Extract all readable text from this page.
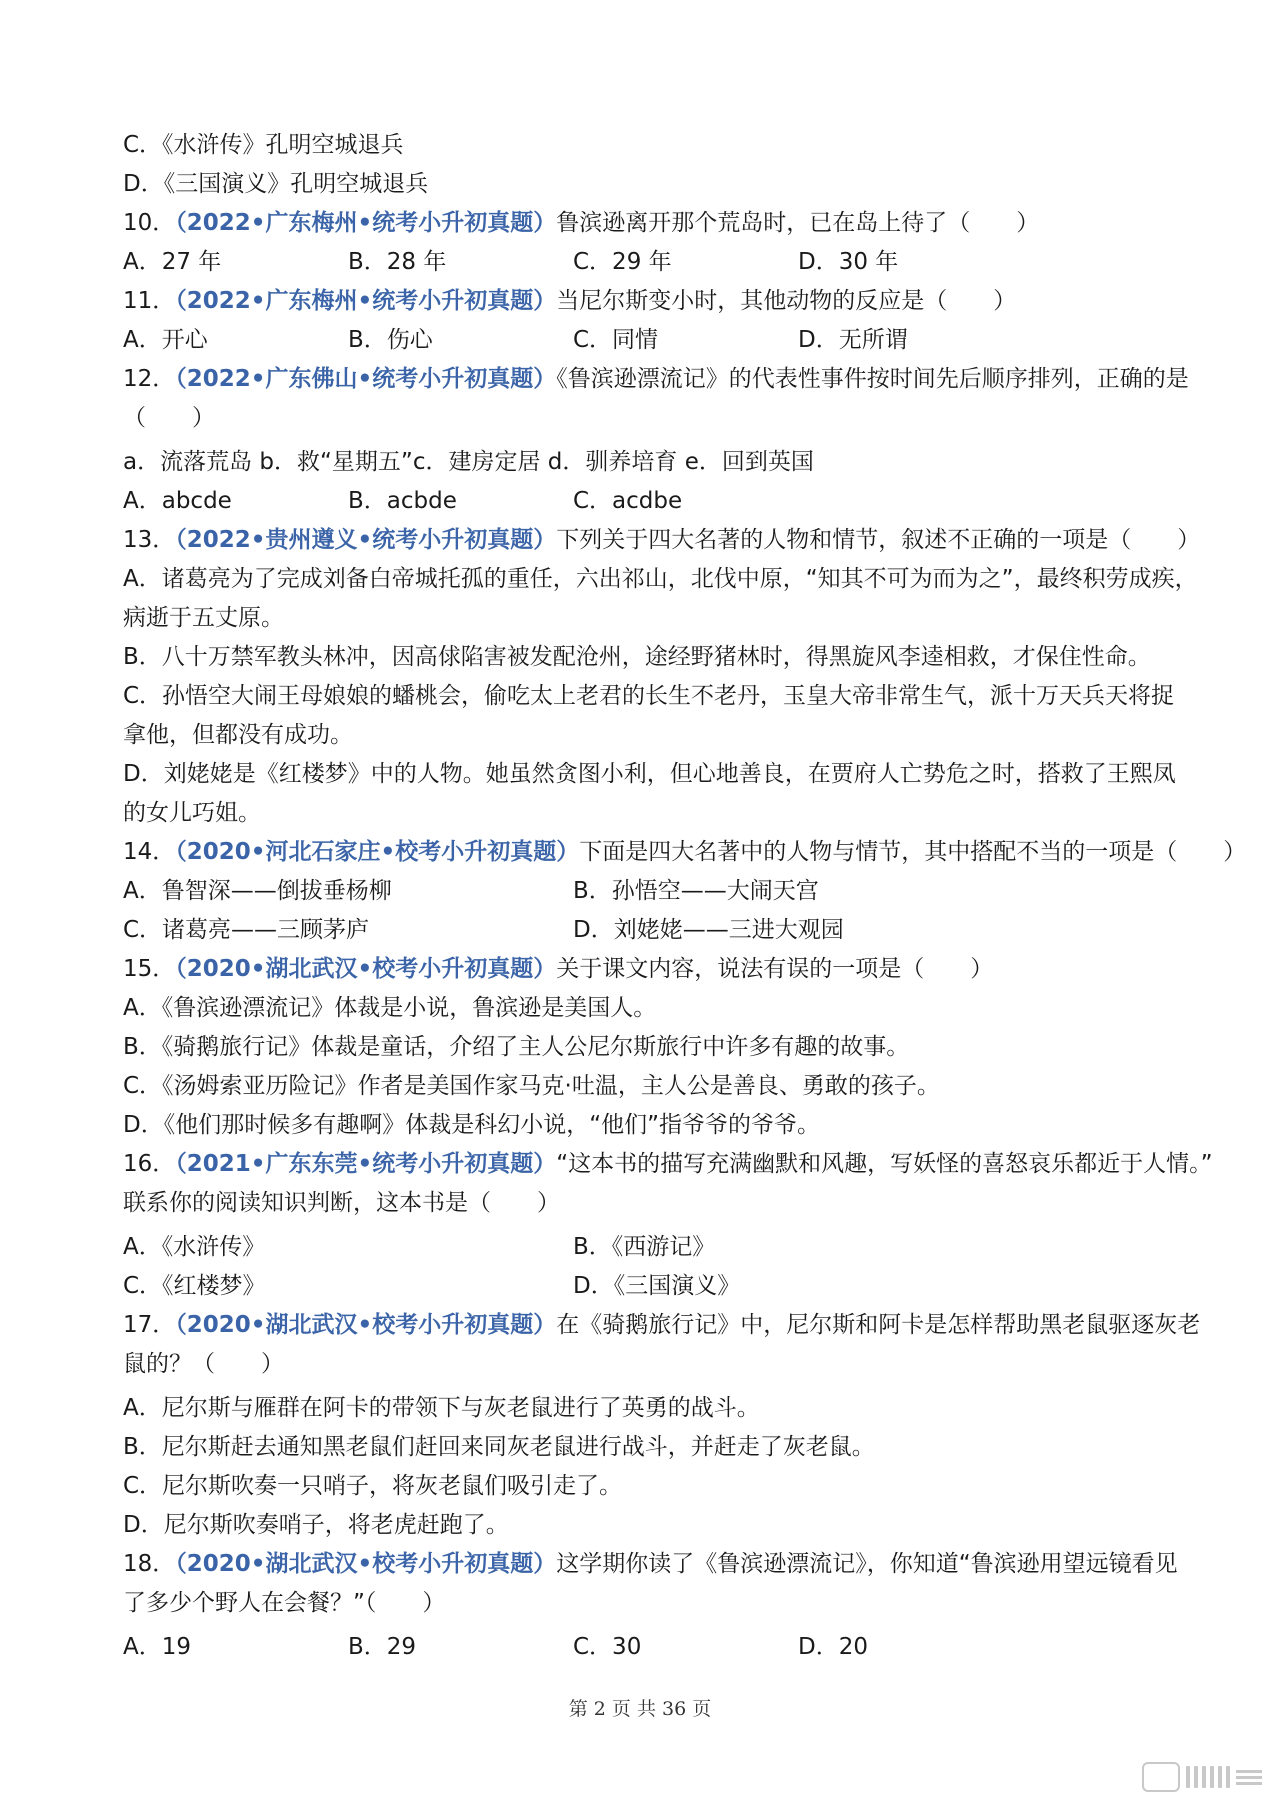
C．《水浒传》孔明空城退兵
D．《三国演义》孔明空城退兵
10．（2022•广东梅州•统考小升初真题）鲁滨逊离开那个荒岛时，已在岛上待了（　　）
A．27 年	B．28 年	C．29 年	D．30 年
11．（2022•广东梅州•统考小升初真题）当尼尔斯变小时，其他动物的反应是（　　）
A．开心	B．伤心	C．同情	D．无所谓
12．（2022•广东佛山•统考小升初真题）《鲁滨逊漂流记》的代表性事件按时间先后顺序排列，正确的是
（　　）
a．流落荒岛 b．救“星期五”c．建房定居 d．驯养培育 e．回到英国
A．abcde	B．acbde	C．acdbe
13．（2022•贵州遵义•统考小升初真题）下列关于四大名著的人物和情节，叙述不正确的一项是（　　）
A．诸葛亮为了完成刘备白帝城托孤的重任，六出祁山，北伐中原，“知其不可为而为之”，最终积劳成疾，
病逝于五丈原。
B．八十万禁军教头林冲，因高俅陷害被发配沧州，途经野猪林时，得黑旋风李逵相救，才保住性命。
C．孙悟空大闹王母娘娘的蟠桃会，偷吃太上老君的长生不老丹，玉皇大帝非常生气，派十万天兵天将捉
拿他，但都没有成功。
D．刘姥姥是《红楼梦》中的人物。她虽然贪图小利，但心地善良，在贾府人亡势危之时，搭救了王熙凤
的女儿巧姐。
14．（2020•河北石家庄•校考小升初真题）下面是四大名著中的人物与情节，其中搭配不当的一项是（　　）
A．鲁智深——倒拔垂杨柳	B．孙悟空——大闹天宫
C．诸葛亮——三顾茅庐	D．刘姥姥——三进大观园
15．（2020•湖北武汉•校考小升初真题）关于课文内容，说法有误的一项是（　　）
A．《鲁滨逊漂流记》体裁是小说，鲁滨逊是美国人。
B．《骑鹅旅行记》体裁是童话，介绍了主人公尼尔斯旅行中许多有趣的故事。
C．《汤姆索亚历险记》作者是美国作家马克·吐温，主人公是善良、勇敢的孩子。
D．《他们那时候多有趣啊》体裁是科幻小说，“他们”指爷爷的爷爷。
16．（2021•广东东莞•统考小升初真题）“这本书的描写充满幽默和风趣，写妖怪的喜怒哀乐都近于人情。”
联系你的阅读知识判断，这本书是（　　）
A．《水浒传》	B．《西游记》
C．《红楼梦》	D．《三国演义》
17．（2020•湖北武汉•校考小升初真题）在《骑鹅旅行记》中，尼尔斯和阿卡是怎样帮助黑老鼠驱逐灰老
鼠的？（　　）
A．尼尔斯与雁群在阿卡的带领下与灰老鼠进行了英勇的战斗。
B．尼尔斯赶去通知黑老鼠们赶回来同灰老鼠进行战斗，并赶走了灰老鼠。
C．尼尔斯吹奏一只哨子，将灰老鼠们吸引走了。
D．尼尔斯吹奏哨子，将老虎赶跑了。
18．（2020•湖北武汉•校考小升初真题）这学期你读了《鲁滨逊漂流记》，你知道“鲁滨逊用望远镜看见
了多少个野人在会餐？”（　　）
A．19	B．29	C．30	D．20
第 2 页 共 36 页
